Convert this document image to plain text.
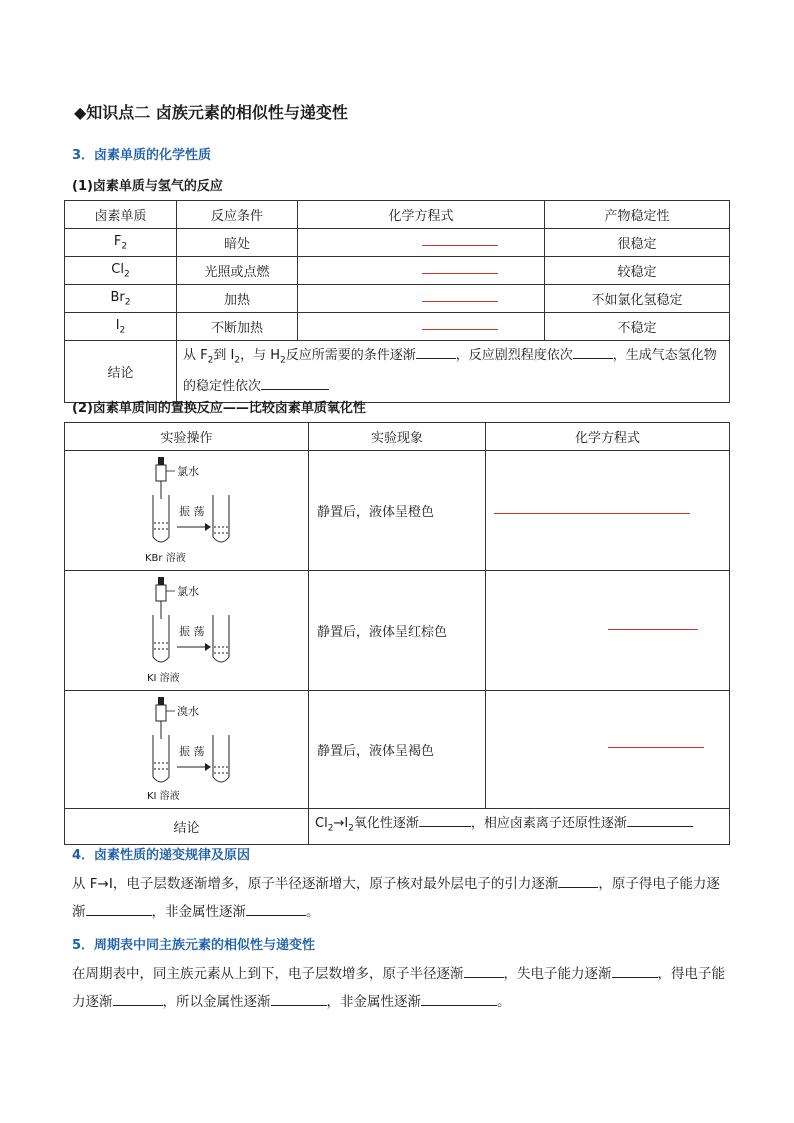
◆知识点二 卤族元素的相似性与递变性
3．卤素单质的化学性质
(1)卤素单质与氢气的反应
卤素单质	反应条件	化学方程式	产物稳定性
$F_2$	暗处		很稳定
$Cl_2$	光照或点燃		较稳定
$Br_2$	加热		不如氯化氢稳定
$I_2$	不断加热		不稳定
结论	从 $F_2$到 $I_2$，与 $H_2$反应所需要的条件逐渐 ，反应剧烈程度依次 ，生成气态氢化物的稳定性依次		
(2)卤素单质间的置换反应——比较卤素单质氧化性
实验操作	实验现象	化学方程式

氯水
振 荡
KBr 溶液	静置后，液体呈橙色	

氯水
振 荡
KI 溶液	静置后，液体呈红棕色	

溴水
振 荡
KI 溶液	静置后，液体呈褐色	

结论	$Cl_2\to I_2$氧化性逐渐 ，相应卤素离子还原性逐渐	
4．卤素性质的递变规律及原因
从 F→I，电子层数逐渐增多，原子半径逐渐增大，原子核对最外层电子的引力逐渐	，原子得电子能力逐渐	，非金属性逐渐	。
5．周期表中同主族元素的相似性与递变性
在周期表中，同主族元素从上到下，电子层数增多，原子半径逐渐	，失电子能力逐渐	，得电子能力逐渐	，所以金属性逐渐	，非金属性逐渐	。
